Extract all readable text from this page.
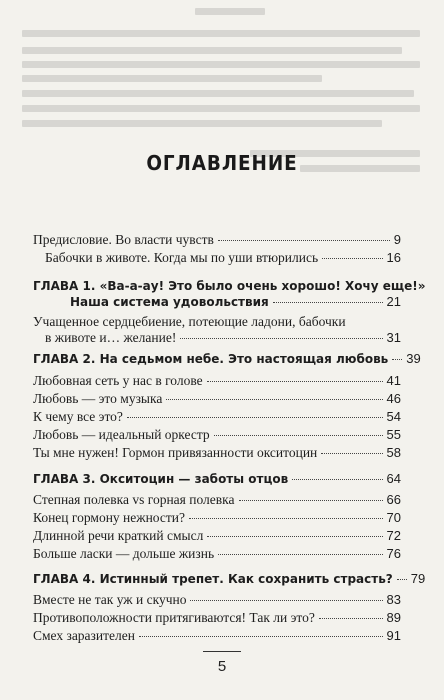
ОГЛАВЛЕНИЕ
Предисловие. Во власти чувств	9
Бабочки в животе. Когда мы по уши втюрились	16
ГЛАВА 1. «Ва-а-ау! Это было очень хорошо! Хочу еще!»
Наша система удовольствия	21
Учащенное сердцебиение, потеющие ладони, бабочки
в животе и… желание!	31
ГЛАВА 2. На седьмом небе. Это настоящая любовь 39
Любовная сеть у нас в голове	41
Любовь — это музыка	46
К чему все это?	54
Любовь — идеальный оркестр	55
Ты мне нужен! Гормон привязанности окситоцин	58
ГЛАВА 3. Окситоцин — заботы отцов	64
Степная полевка vs горная полевка	66
Конец гормону нежности?	70
Длинной речи краткий смысл	72
Больше ласки — дольше жизнь	76
ГЛАВА 4. Истинный трепет. Как сохранить страсть? 79
Вместе не так уж и скучно	83
Противоположности притягиваются! Так ли это?	89
Смех заразителен	91
5
